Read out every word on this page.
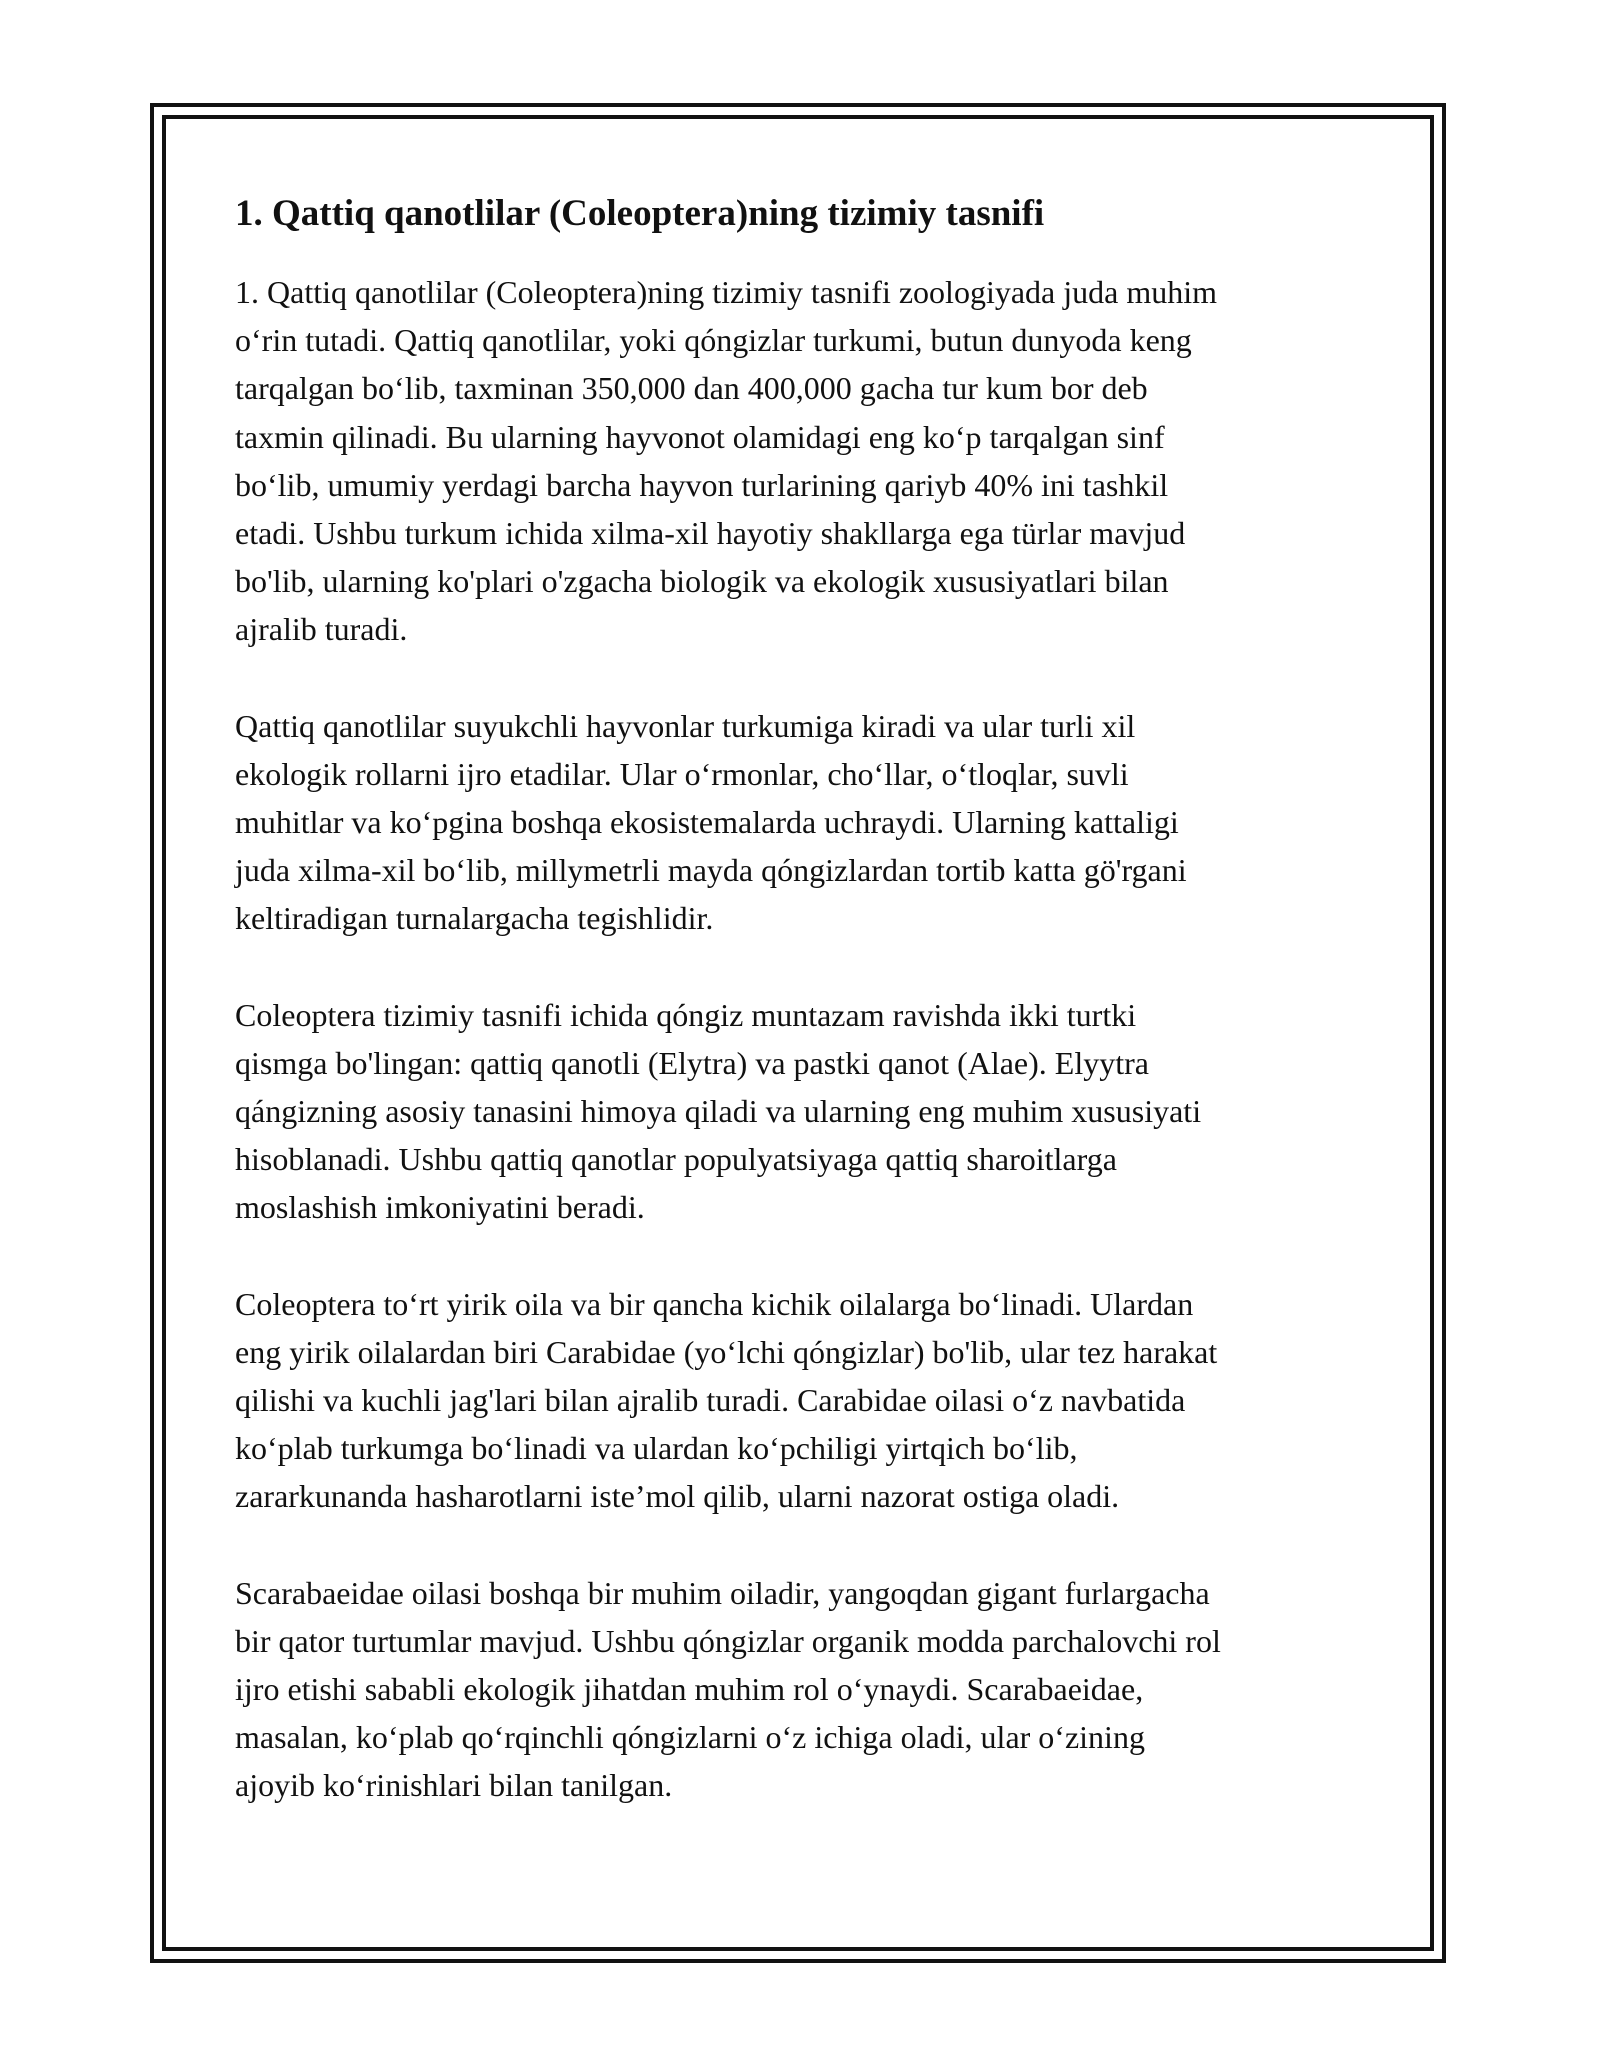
1. Qattiq qanotlilar (Coleoptera)ning tizimiy tasnifi

1. Qattiq qanotlilar (Coleoptera)ning tizimiy tasnifi zoologiyada juda muhim
oʻrin tutadi. Qattiq qanotlilar, yoki qóngizlar turkumi, butun dunyoda keng
tarqalgan boʻlib, taxminan 350,000 dan 400,000 gacha tur kum bor deb
taxmin qilinadi. Bu ularning hayvonot olamidagi eng koʻp tarqalgan sinf
boʻlib, umumiy yerdagi barcha hayvon turlarining qariyb 40% ini tashkil
etadi. Ushbu turkum ichida xilma-xil hayotiy shakllarga ega türlar mavjud
bo'lib, ularning ko'plari o'zgacha biologik va ekologik xususiyatlari bilan
ajralib turadi.

Qattiq qanotlilar suyukchli hayvonlar turkumiga kiradi va ular turli xil
ekologik rollarni ijro etadilar. Ular oʻrmonlar, choʻllar, oʻtloqlar, suvli
muhitlar va koʻpgina boshqa ekosistemalarda uchraydi. Ularning kattaligi
juda xilma-xil boʻlib, millymetrli mayda qóngizlardan tortib katta gö'rgani
keltiradigan turnalargacha tegishlidir.

Coleoptera tizimiy tasnifi ichida qóngiz muntazam ravishda ikki turtki
qismga bo'lingan: qattiq qanotli (Elytra) va pastki qanot (Alae). Elyytra
qángizning asosiy tanasini himoya qiladi va ularning eng muhim xususiyati
hisoblanadi. Ushbu qattiq qanotlar populyatsiyaga qattiq sharoitlarga
moslashish imkoniyatini beradi.

Coleoptera toʻrt yirik oila va bir qancha kichik oilalarga boʻlinadi. Ulardan
eng yirik oilalardan biri Carabidae (yoʻlchi qóngizlar) bo'lib, ular tez harakat
qilishi va kuchli jag'lari bilan ajralib turadi. Carabidae oilasi oʻz navbatida
koʻplab turkumga boʻlinadi va ulardan koʻpchiligi yirtqich boʻlib,
zararkunanda hasharotlarni iste’mol qilib, ularni nazorat ostiga oladi.

Scarabaeidae oilasi boshqa bir muhim oiladir, yangoqdan gigant furlargacha
bir qator turtumlar mavjud. Ushbu qóngizlar organik modda parchalovchi rol
ijro etishi sababli ekologik jihatdan muhim rol oʻynaydi. Scarabaeidae,
masalan, koʻplab qoʻrqinchli qóngizlarni oʻz ichiga oladi, ular oʻzining
ajoyib koʻrinishlari bilan tanilgan.
